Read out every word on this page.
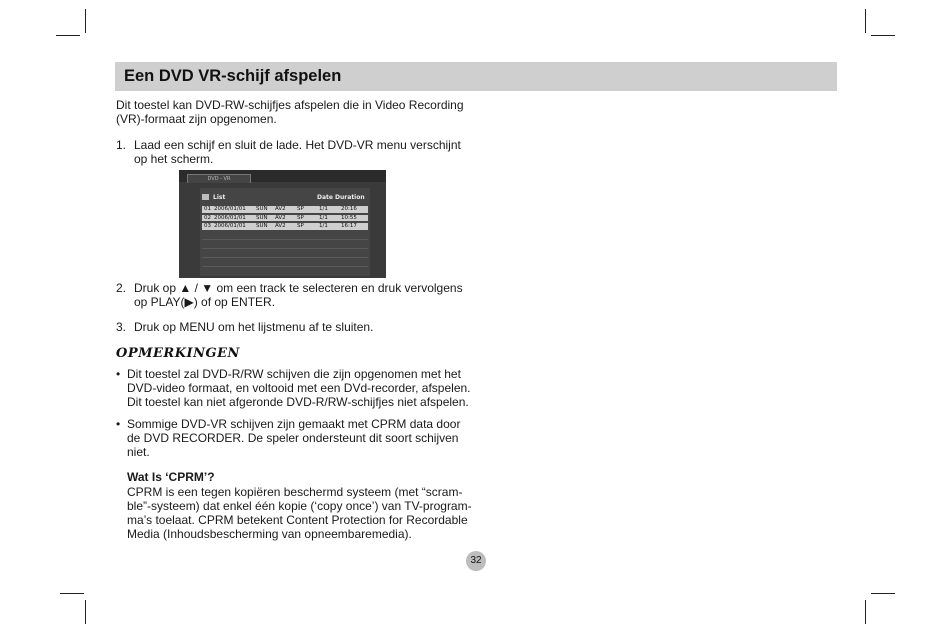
Een DVD VR-schijf afspelen
Dit toestel kan DVD-RW-schijfjes afspelen die in Video Recording
(VR)-formaat zijn opgenomen.
1. Laad een schijf en sluit de lade. Het DVD-VR menu verschijnt
op het scherm.
DVD - VR
List	Date Duration
01 2006/01/01 SUN AV2 SP	1/1 20:16
02 2006/01/01 SUN AV2 SP	1/1 10:55
03 2006/01/01 SUN AV2 SP	1/1 16:17
2. Druk op ▲ / ▼ om een track te selecteren en druk vervolgens
op PLAY(▶) of op ENTER.
3. Druk op MENU om het lijstmenu af te sluiten.
OPMERKINGEN
• Dit toestel zal DVD-R/RW schijven die zijn opgenomen met het
DVD-video formaat, en voltooid met een DVd-recorder, afspelen.
Dit toestel kan niet afgeronde DVD-R/RW-schijfjes niet afspelen.
• Sommige DVD-VR schijven zijn gemaakt met CPRM data door
de DVD RECORDER. De speler ondersteunt dit soort schijven
niet.
Wat Is ‘CPRM’?
CPRM is een tegen kopiëren beschermd systeem (met “scram-
ble”-systeem) dat enkel één kopie (‘copy once’) van TV-program-
ma’s toelaat. CPRM betekent Content Protection for Recordable
Media (Inhoudsbescherming van opneembaremedia).
32
